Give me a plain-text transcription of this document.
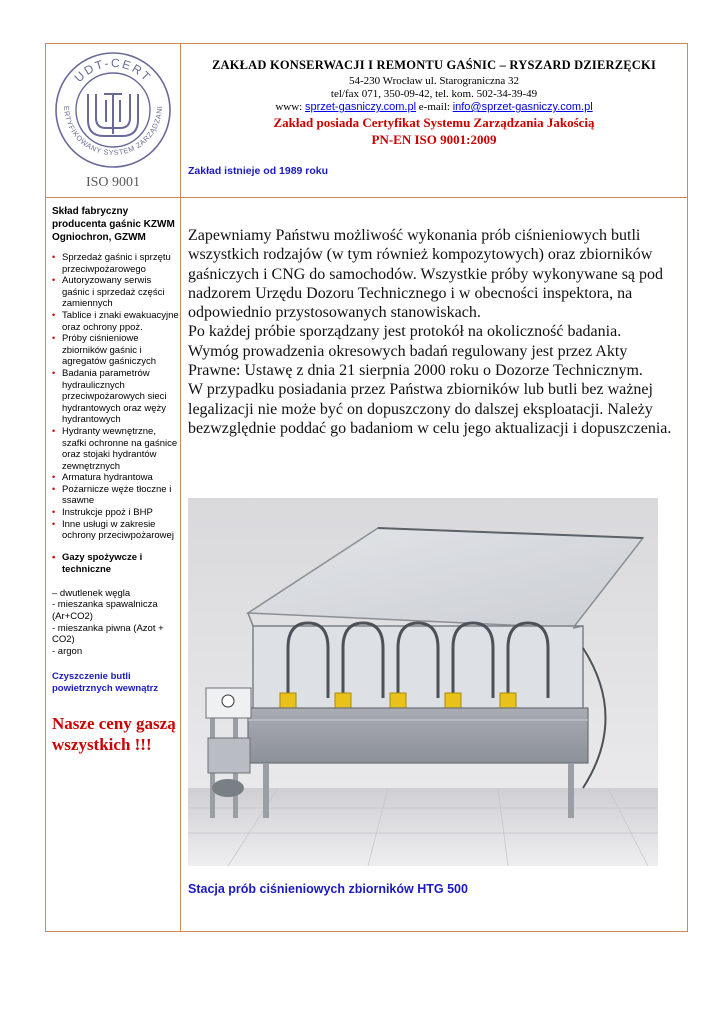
UDT-CERT
ERTYFIKOWANY SYSTEM ZARZĄDZANI
ISO 9001
ZAKŁAD KONSERWACJI I REMONTU GAŚNIC – RYSZARD DZIERZĘCKI
54-230 Wrocław ul. Starograniczna 32
tel/fax 071, 350-09-42, tel. kom. 502-34-39-49
www: sprzet-gasniczy.com.pl e-mail: info@sprzet-gasniczy.com.pl
Zakład posiada Certyfikat Systemu Zarządzania Jakością
PN-EN ISO 9001:2009
Zakład istnieje od 1989 roku
Skład fabryczny producenta gaśnic KZWM Ogniochron, GZWM
• Sprzedaż gaśnic i sprzętu przeciwpożarowego
• Autoryzowany serwis gaśnic i sprzedaż części zamiennych
• Tablice i znaki ewakuacyjne oraz ochrony ppoż.
• Próby ciśnieniowe zbiorników gaśnic i agregatów gaśniczych
• Badania parametrów hydraulicznych przeciwpożarowych sieci hydrantowych oraz węży hydrantowych
• Hydranty wewnętrzne, szafki ochronne na gaśnice oraz stojaki hydrantów zewnętrznych
• Armatura hydrantowa
• Pożarnicze węże tłoczne i ssawne
• Instrukcje ppoż i BHP
• Inne usługi w zakresie ochrony przeciwpożarowej
• Gazy spożywcze i techniczne
– dwutlenek węgla
- mieszanka spawalnicza (Ar+CO2)
- mieszanka piwna (Azot + CO2)
- argon
Czyszczenie butli powietrznych wewnątrz
Nasze ceny gaszą wszystkich !!!

Zapewniamy Państwu możliwość wykonania prób ciśnieniowych butli wszystkich rodzajów (w tym również kompozytowych) oraz zbiorników gaśniczych i CNG do samochodów. Wszystkie próby wykonywane są pod nadzorem Urzędu Dozoru Technicznego i w obecności inspektora, na odpowiednio przystosowanych stanowiskach.

Po każdej próbie sporządzany jest protokół na okoliczność badania.

Wymóg prowadzenia okresowych badań regulowany jest przez Akty Prawne: Ustawę z dnia 21 sierpnia 2000 roku o Dozorze Technicznym.

W przypadku posiadania przez Państwa zbiorników lub butli bez ważnej legalizacji nie może być on dopuszczony do dalszej eksploatacji. Należy bezwzględnie poddać go badaniom w celu jego aktualizacji i dopuszczenia.

Stacja prób ciśnieniowych zbiorników HTG 500
